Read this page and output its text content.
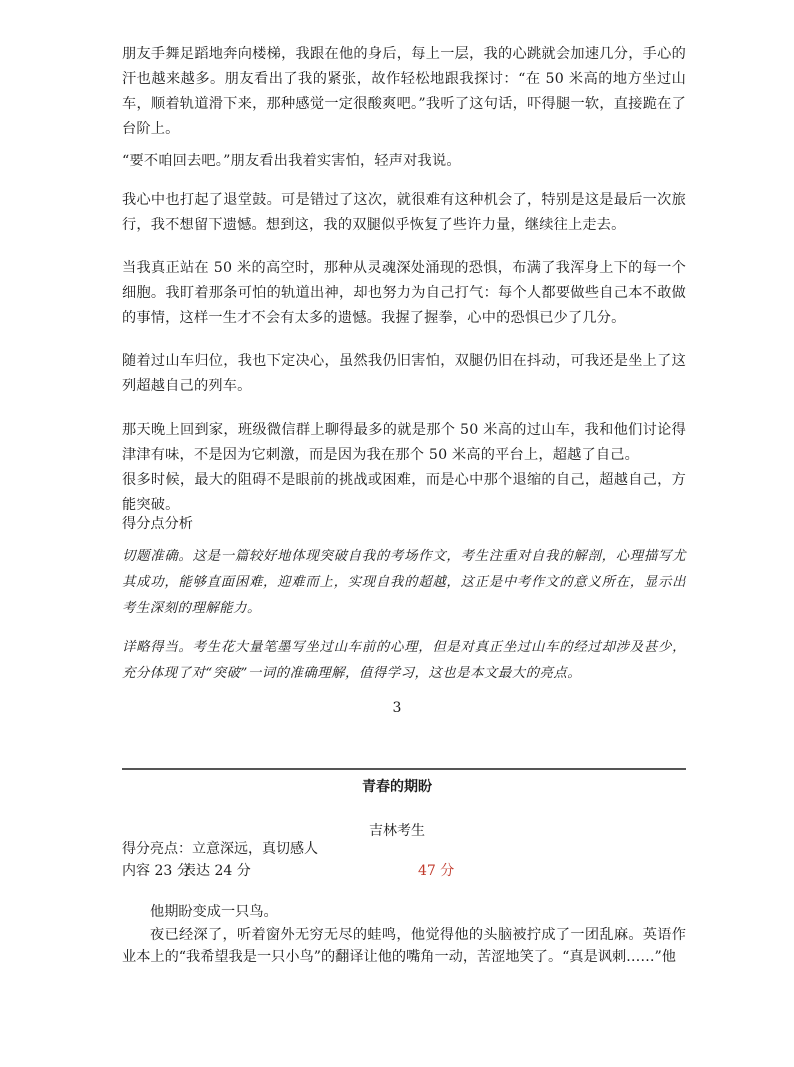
朋友手舞足蹈地奔向楼梯，我跟在他的身后，每上一层，我的心跳就会加速几分，手心的汗也越来越多。朋友看出了我的紧张，故作轻松地跟我探讨：“在 50 米高的地方坐过山车，顺着轨道滑下来，那种感觉一定很酸爽吧。”我听了这句话，吓得腿一软，直接跪在了台阶上。

“要不咱回去吧。”朋友看出我着实害怕，轻声对我说。

我心中也打起了退堂鼓。可是错过了这次，就很难有这种机会了，特别是这是最后一次旅行，我不想留下遗憾。想到这，我的双腿似乎恢复了些许力量，继续往上走去。

当我真正站在 50 米的高空时，那种从灵魂深处涌现的恐惧，布满了我浑身上下的每一个细胞。我盯着那条可怕的轨道出神，却也努力为自己打气：每个人都要做些自己本不敢做的事情，这样一生才不会有太多的遗憾。我握了握拳，心中的恐惧已少了几分。

随着过山车归位，我也下定决心，虽然我仍旧害怕，双腿仍旧在抖动，可我还是坐上了这列超越自己的列车。

那天晚上回到家，班级微信群上聊得最多的就是那个 50 米高的过山车，我和他们讨论得津津有味，不是因为它刺激，而是因为我在那个 50 米高的平台上，超越了自己。
很多时候，最大的阻碍不是眼前的挑战或困难，而是心中那个退缩的自己，超越自己，方能突破。

得分点分析

切题准确。这是一篇较好地体现突破自我的考场作文，考生注重对自我的解剖，心理描写尤其成功，能够直面困难，迎难而上，实现自我的超越，这正是中考作文的意义所在，显示出考生深刻的理解能力。

详略得当。考生花大量笔墨写坐过山车前的心理，但是对真正坐过山车的经过却涉及甚少，充分体现了对“突破”一词的准确理解，值得学习，这也是本文最大的亮点。

3
青春的期盼
吉林考生
得分亮点：立意深远，真切感人
内容 23 分
表达 24 分	47 分

他期盼变成一只鸟。

夜已经深了，听着窗外无穷无尽的蛙鸣，他觉得他的头脑被拧成了一团乱麻。英语作业本上的“我希望我是一只小鸟”的翻译让他的嘴角一动，苦涩地笑了。“真是讽刺……”他
